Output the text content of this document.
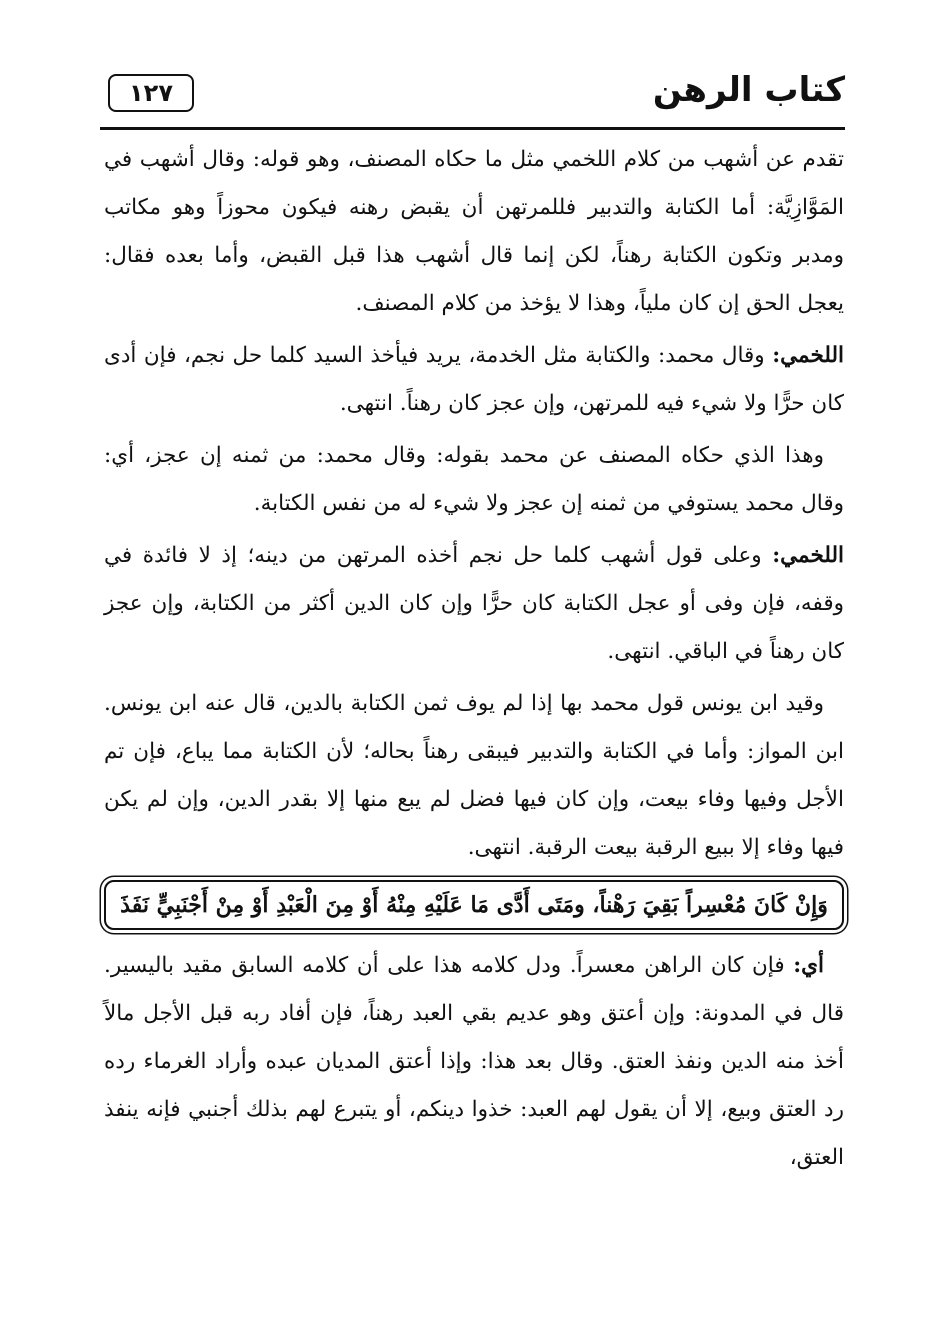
١٢٧	كتاب الرهن

تقدم عن أشهب من كلام اللخمي مثل ما حكاه المصنف، وهو قوله: وقال أشهب في المَوَّازِيَّة: أما الكتابة والتدبير فللمرتهن أن يقبض رهنه فيكون محوزاً وهو مكاتب ومدبر وتكون الكتابة رهناً، لكن إنما قال أشهب هذا قبل القبض، وأما بعده فقال: يعجل الحق إن كان ملياً، وهذا لا يؤخذ من كلام المصنف.

اللخمي: وقال محمد: والكتابة مثل الخدمة، يريد فيأخذ السيد كلما حل نجم، فإن أدى كان حرًّا ولا شيء فيه للمرتهن، وإن عجز كان رهناً. انتهى.

وهذا الذي حكاه المصنف عن محمد بقوله: وقال محمد: من ثمنه إن عجز، أي: وقال محمد يستوفي من ثمنه إن عجز ولا شيء له من نفس الكتابة.

اللخمي: وعلى قول أشهب كلما حل نجم أخذه المرتهن من دينه؛ إذ لا فائدة في وقفه، فإن وفى أو عجل الكتابة كان حرًّا وإن كان الدين أكثر من الكتابة، وإن عجز كان رهناً في الباقي. انتهى.

وقيد ابن يونس قول محمد بها إذا لم يوف ثمن الكتابة بالدين، قال عنه ابن يونس. ابن المواز: وأما في الكتابة والتدبير فيبقى رهناً بحاله؛ لأن الكتابة مما يباع، فإن تم الأجل وفيها وفاء بيعت، وإن كان فيها فضل لم يبع منها إلا بقدر الدين، وإن لم يكن فيها وفاء إلا ببيع الرقبة بيعت الرقبة. انتهى.

وَإِنْ كَانَ مُعْسِراً بَقِيَ رَهْناً، ومَتَى أَدَّى مَا عَلَيْهِ مِنْهُ أَوْ مِنَ الْعَبْدِ أَوْ مِنْ أَجْنَبِيٍّ نَفَذَ

أي: فإن كان الراهن معسراً. ودل كلامه هذا على أن كلامه السابق مقيد باليسير. قال في المدونة: وإن أعتق وهو عديم بقي العبد رهناً، فإن أفاد ربه قبل الأجل مالاً أخذ منه الدين ونفذ العتق. وقال بعد هذا: وإذا أعتق المديان عبده وأراد الغرماء رده رد العتق وبيع، إلا أن يقول لهم العبد: خذوا دينكم، أو يتبرع لهم بذلك أجنبي فإنه ينفذ العتق،
